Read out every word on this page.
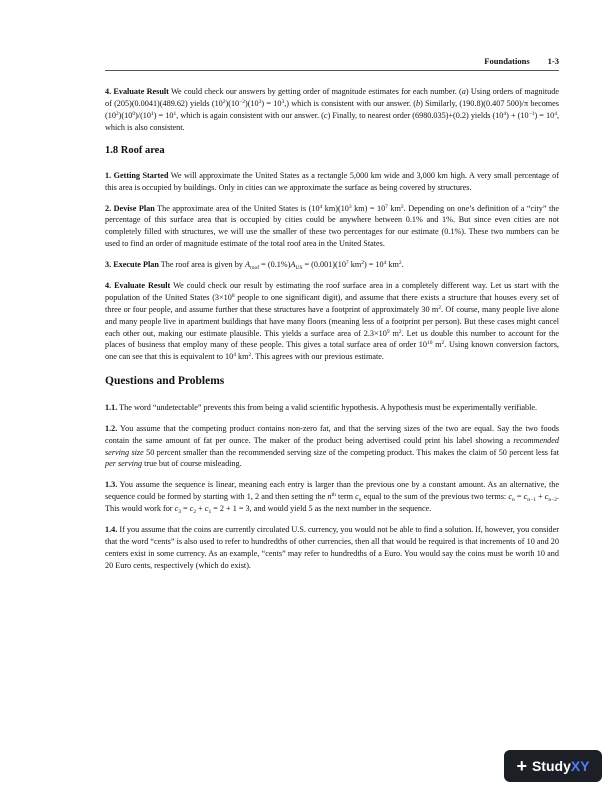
Foundations 1-3

4. Evaluate Result We could check our answers by getting order of magnitude estimates for each number. (a) Using orders of magnitude of (205)(0.0041)(489.62) yields $(10^2)(10^{-2})(10^3) = 10^3$,) which is consistent with our answer. (b) Similarly, (190.8)(0.407 500)/π becomes $(10^2)(10^0)/(10^1) = 10^1$, which is again consistent with our answer. (c) Finally, to nearest order (6980.035)+(0.2) yields $(10^4) + (10^{-1}) = 10^4$, which is also consistent.

1.8 Roof area

1. Getting Started We will approximate the United States as a rectangle 5,000 km wide and 3,000 km high. A very small percentage of this area is occupied by buildings. Only in cities can we approximate the surface as being covered by structures.

2. Devise Plan The approximate area of the United States is ($10^4$ $km)(10^3$ $km) = 10^7$ $km^2$. Depending on one’s definition of a “city” the percentage of this surface area that is occupied by cities could be anywhere between 0.1% and 1%. But since even cities are not completely filled with structures, we will use the smaller of these two percentages for our estimate (0.1%). These two numbers can be used to find an order of magnitude estimate of the total roof area in the United States.

3. Execute Plan The roof area is given by $A_{roof} = (0.1\%)A_{US} = (0.001)(10^7$ $km^2) = 10^4$ $km^2$.

4. Evaluate Result We could check our result by estimating the roof surface area in a completely different way. Let us start with the population of the United States ($3\times 10^8$ people to one significant digit), and assume that there exists a structure that houses every set of three or four people, and assume further that these structures have a footprint of approximately 30 $m^2$. Of course, many people live alone and many people live in apartment buildings that have many floors (meaning less of a footprint per person). But these cases might cancel each other out, making our estimate plausible. This yields a surface area of $2.3\times 10^9$ $m^2$. Let us double this number to account for the places of business that employ many of these people. This gives a total surface area of order $10^{10}$ $m^2$. Using known conversion factors, one can see that this is equivalent to $10^4$ $km^2$. This agrees with our previous estimate.

Questions and Problems

1.1. The word “undetectable” prevents this from being a valid scientific hypothesis. A hypothesis must be experimentally verifiable.

1.2. You assume that the competing product contains non-zero fat, and that the serving sizes of the two are equal. Say the two foods contain the same amount of fat per ounce. The maker of the product being advertised could print his label showing a recommended serving size 50 percent smaller than the recommended serving size of the competing product. This makes the claim of 50 percent less fat per serving true but of course misleading.

1.3. You assume the sequence is linear, meaning each entry is larger than the previous one by a constant amount. As an alternative, the sequence could be formed by starting with 1, 2 and then setting the $n^{th}$ term $c_n$ equal to the sum of the previous two terms: $c_n = c_{n-1} + c_{n-2}$. This would work for $c_3 = c_2 + c_1 = 2 + 1 = 3$, and would yield 5 as the next number in the sequence.

1.4. If you assume that the coins are currently circulated U.S. currency, you would not be able to find a solution. If, however, you consider that the word “cents” is also used to refer to hundredths of other currencies, then all that would be required is that increments of 10 and 20 centers exist in some currency. As an example, “cents” may refer to hundredths of a Euro. You would say the coins must be worth 10 and 20 Euro cents, respectively (which do exist).

+ Study XY
